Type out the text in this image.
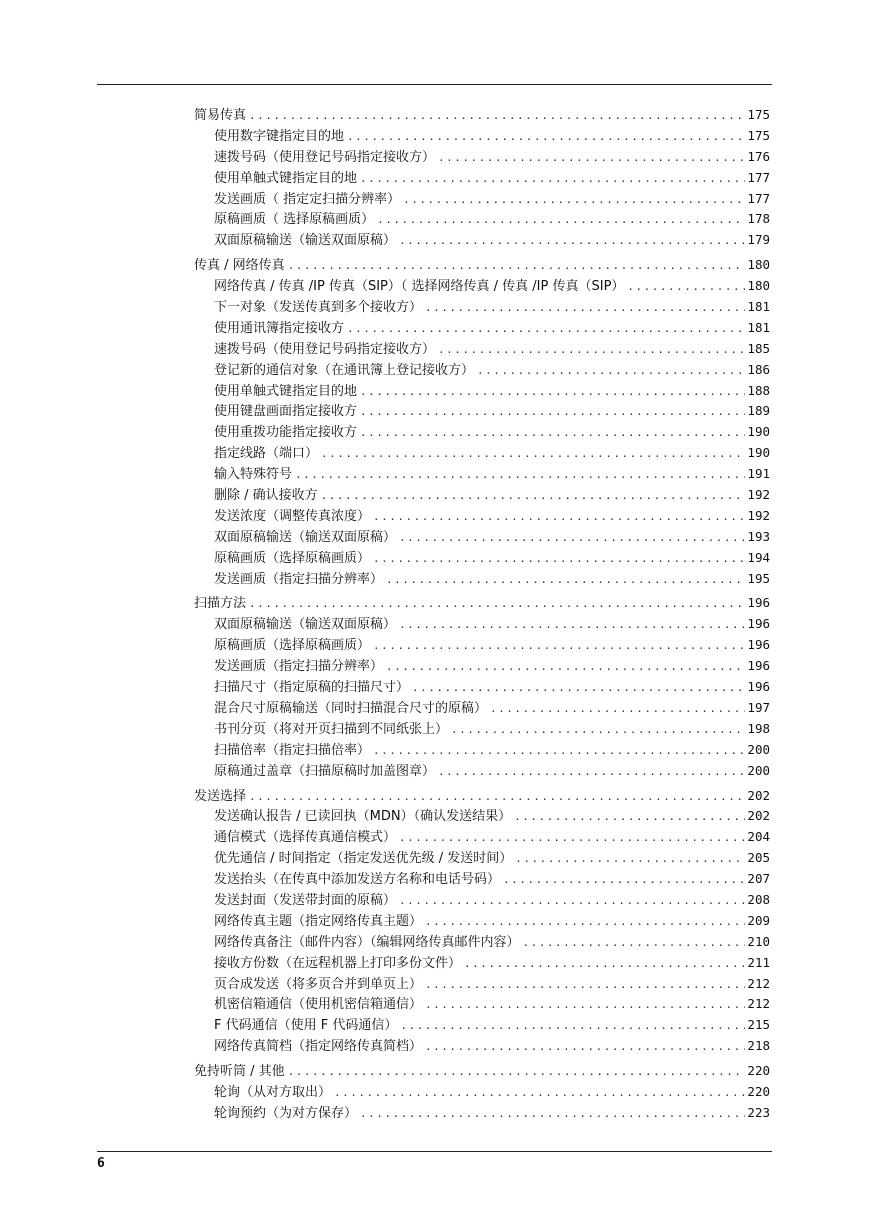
简易传真 .....	175
使用数字键指定目的地 .....	175
速拨号码（使用登记号码指定接收方） .....	176
使用单触式键指定目的地 .....	177
发送画质（ 指定定扫描分辨率） .....	177
原稿画质（ 选择原稿画质） .....	178
双面原稿输送（输送双面原稿） .....	179
传真 / 网络传真 .....	180
网络传真 / 传真 /IP 传真（SIP）（ 选择网络传真 / 传真 /IP 传真（SIP） .....	180
下一对象（发送传真到多个接收方） .....	181
使用通讯簿指定接收方 .....	181
速拨号码（使用登记号码指定接收方） .....	185
登记新的通信对象（在通讯簿上登记接收方） .....	186
使用单触式键指定目的地 .....	188
使用键盘画面指定接收方 .....	189
使用重拨功能指定接收方 .....	190
指定线路（端口） .....	190
输入特殊符号 .....	191
删除 / 确认接收方 .....	192
发送浓度（调整传真浓度） .....	192
双面原稿输送（输送双面原稿） .....	193
原稿画质（选择原稿画质） .....	194
发送画质（指定扫描分辨率） .....	195
扫描方法 .....	196
双面原稿输送（输送双面原稿） .....	196
原稿画质（选择原稿画质） .....	196
发送画质（指定扫描分辨率） .....	196
扫描尺寸（指定原稿的扫描尺寸） .....	196
混合尺寸原稿输送（同时扫描混合尺寸的原稿） .....	197
书刊分页（将对开页扫描到不同纸张上） .....	198
扫描倍率（指定扫描倍率） .....	200
原稿通过盖章（扫描原稿时加盖图章） .....	200
发送选择 .....	202
发送确认报告 / 已读回执（MDN）（确认发送结果） .....	202
通信模式（选择传真通信模式） .....	204
优先通信 / 时间指定（指定发送优先级 / 发送时间） .....	205
发送抬头（在传真中添加发送方名称和电话号码） .....	207
发送封面（发送带封面的原稿） .....	208
网络传真主题（指定网络传真主题） .....	209
网络传真备注（邮件内容）（编辑网络传真邮件内容） .....	210
接收方份数（在远程机器上打印多份文件） .....	211
页合成发送（将多页合并到单页上） .....	212
机密信箱通信（使用机密信箱通信） .....	212
F 代码通信（使用 F 代码通信） .....	215
网络传真简档（指定网络传真简档） .....	218
免持听筒 / 其他 .....	220
轮询（从对方取出） .....	220
轮询预约（为对方保存） .....	223
6
